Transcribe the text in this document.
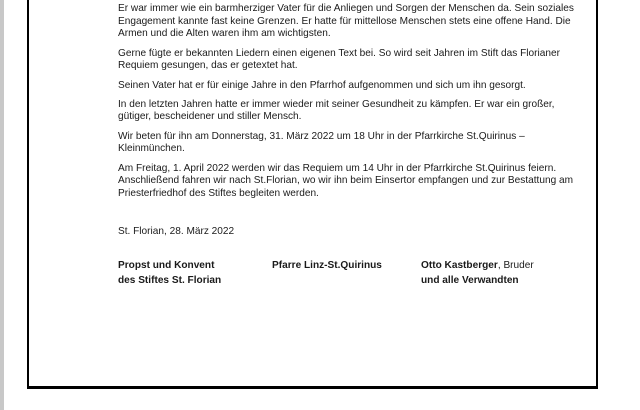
Er war immer wie ein barmherziger Vater für die Anliegen und Sorgen der Menschen da. Sein soziales Engagement kannte fast keine Grenzen. Er hatte für mittellose Menschen stets eine offene Hand. Die Armen und die Alten waren ihm am wichtigsten.

Gerne fügte er bekannten Liedern einen eigenen Text bei. So wird seit Jahren im Stift das Florianer Requiem gesungen, das er getextet hat.

Seinen Vater hat er für einige Jahre in den Pfarrhof aufgenommen und sich um ihn gesorgt.

In den letzten Jahren hatte er immer wieder mit seiner Gesundheit zu kämpfen. Er war ein großer, gütiger, bescheidener und stiller Mensch.

Wir beten für ihn am Donnerstag, 31. März 2022 um 18 Uhr in der Pfarrkirche St.Quirinus – Kleinmünchen.

Am Freitag, 1. April 2022 werden wir das Requiem um 14 Uhr in der Pfarrkirche St.Quirinus feiern. Anschließend fahren wir nach St.Florian, wo wir ihn beim Einsertor empfangen und zur Bestattung am Priesterfriedhof des Stiftes begleiten werden.

St. Florian, 28. März 2022
Propst und Konvent
des Stiftes St. Florian
Pfarre Linz-St.Quirinus	Otto Kastberger, Bruder
und alle Verwandten
